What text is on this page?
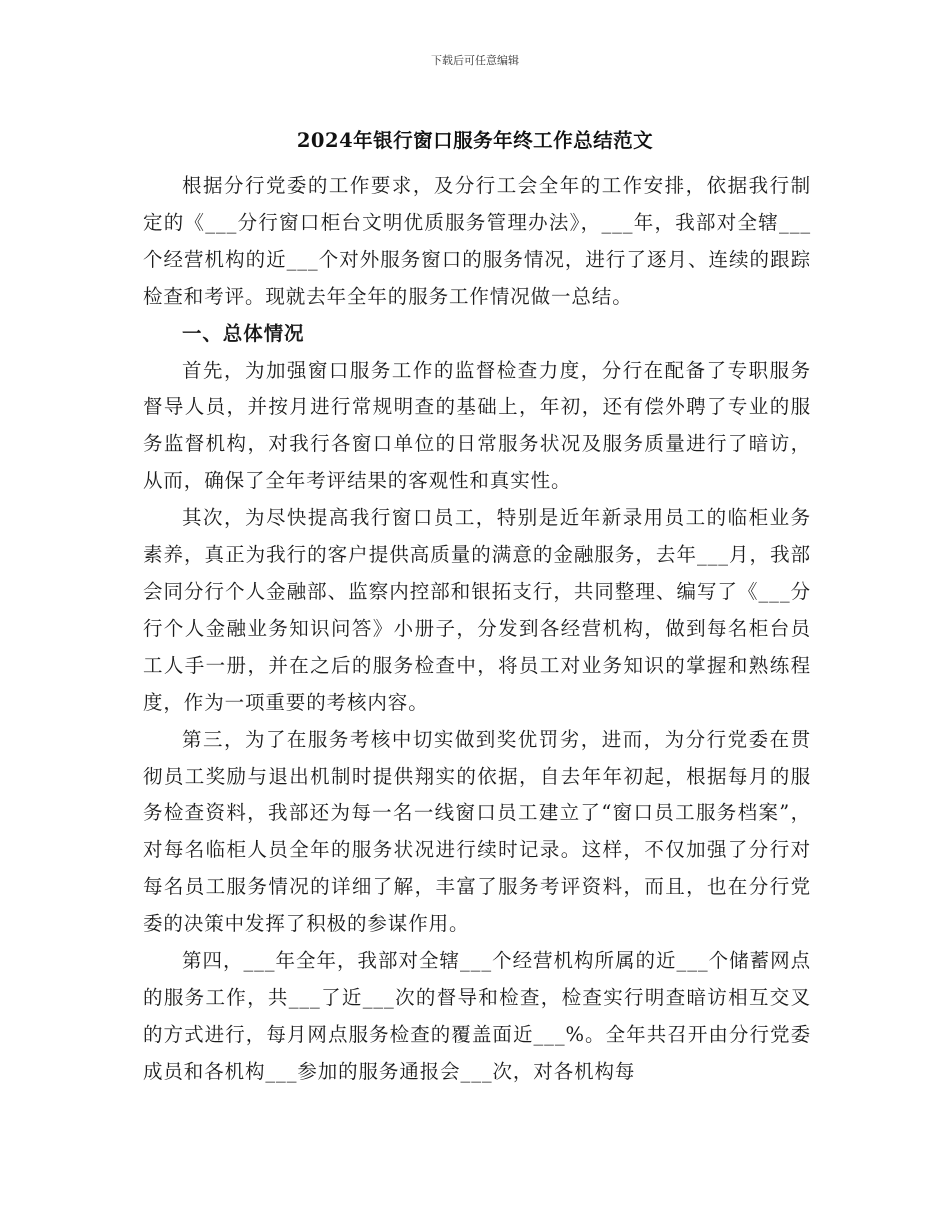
下载后可任意编辑
2024年银行窗口服务年终工作总结范文

根据分行党委的工作要求，及分行工会全年的工作安排，依据我行制定的《___分行窗口柜台文明优质服务管理办法》，___年，我部对全辖___个经营机构的近___个对外服务窗口的服务情况，进行了逐月、连续的跟踪检查和考评。现就去年全年的服务工作情况做一总结。

一、总体情况

首先，为加强窗口服务工作的监督检查力度，分行在配备了专职服务督导人员，并按月进行常规明查的基础上，年初，还有偿外聘了专业的服务监督机构，对我行各窗口单位的日常服务状况及服务质量进行了暗访，从而，确保了全年考评结果的客观性和真实性。

其次，为尽快提高我行窗口员工，特别是近年新录用员工的临柜业务素养，真正为我行的客户提供高质量的满意的金融服务，去年___月，我部会同分行个人金融部、监察内控部和银拓支行，共同整理、编写了《___分行个人金融业务知识问答》小册子，分发到各经营机构，做到每名柜台员工人手一册，并在之后的服务检查中，将员工对业务知识的掌握和熟练程度，作为一项重要的考核内容。

第三，为了在服务考核中切实做到奖优罚劣，进而，为分行党委在贯彻员工奖励与退出机制时提供翔实的依据，自去年年初起，根据每月的服务检查资料，我部还为每一名一线窗口员工建立了“窗口员工服务档案”，对每名临柜人员全年的服务状况进行续时记录。这样，不仅加强了分行对每名员工服务情况的详细了解，丰富了服务考评资料，而且，也在分行党委的决策中发挥了积极的参谋作用。

第四，___年全年，我部对全辖___个经营机构所属的近___个储蓄网点的服务工作，共___了近___次的督导和检查，检查实行明查暗访相互交叉的方式进行，每月网点服务检查的覆盖面近___%。全年共召开由分行党委成员和各机构___参加的服务通报会___次，对各机构每
